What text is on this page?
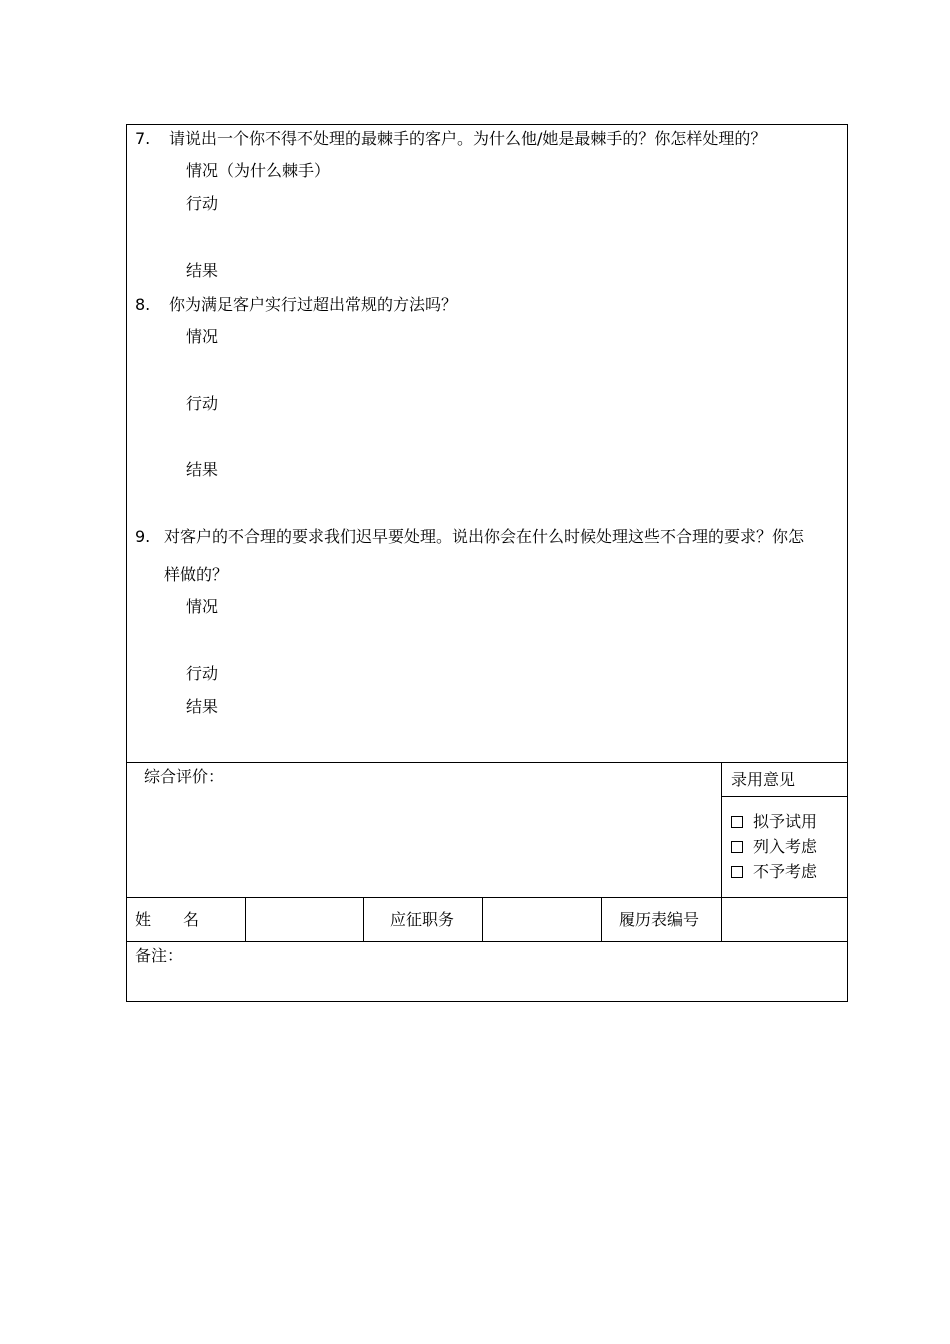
7. 请说出一个你不得不处理的最棘手的客户。为什么他/她是最棘手的？你怎样处理的？
情况（为什么棘手）
行动
结果
8. 你为满足客户实行过超出常规的方法吗？
情况
行动
结果
9. 对客户的不合理的要求我们迟早要处理。说出你会在什么时候处理这些不合理的要求？你怎
样做的？
情况
行动
结果
综合评价：	录用意见
拟予试用
列入考虑
不予考虑
姓　　名	应征职务	履历表编号
备注：
